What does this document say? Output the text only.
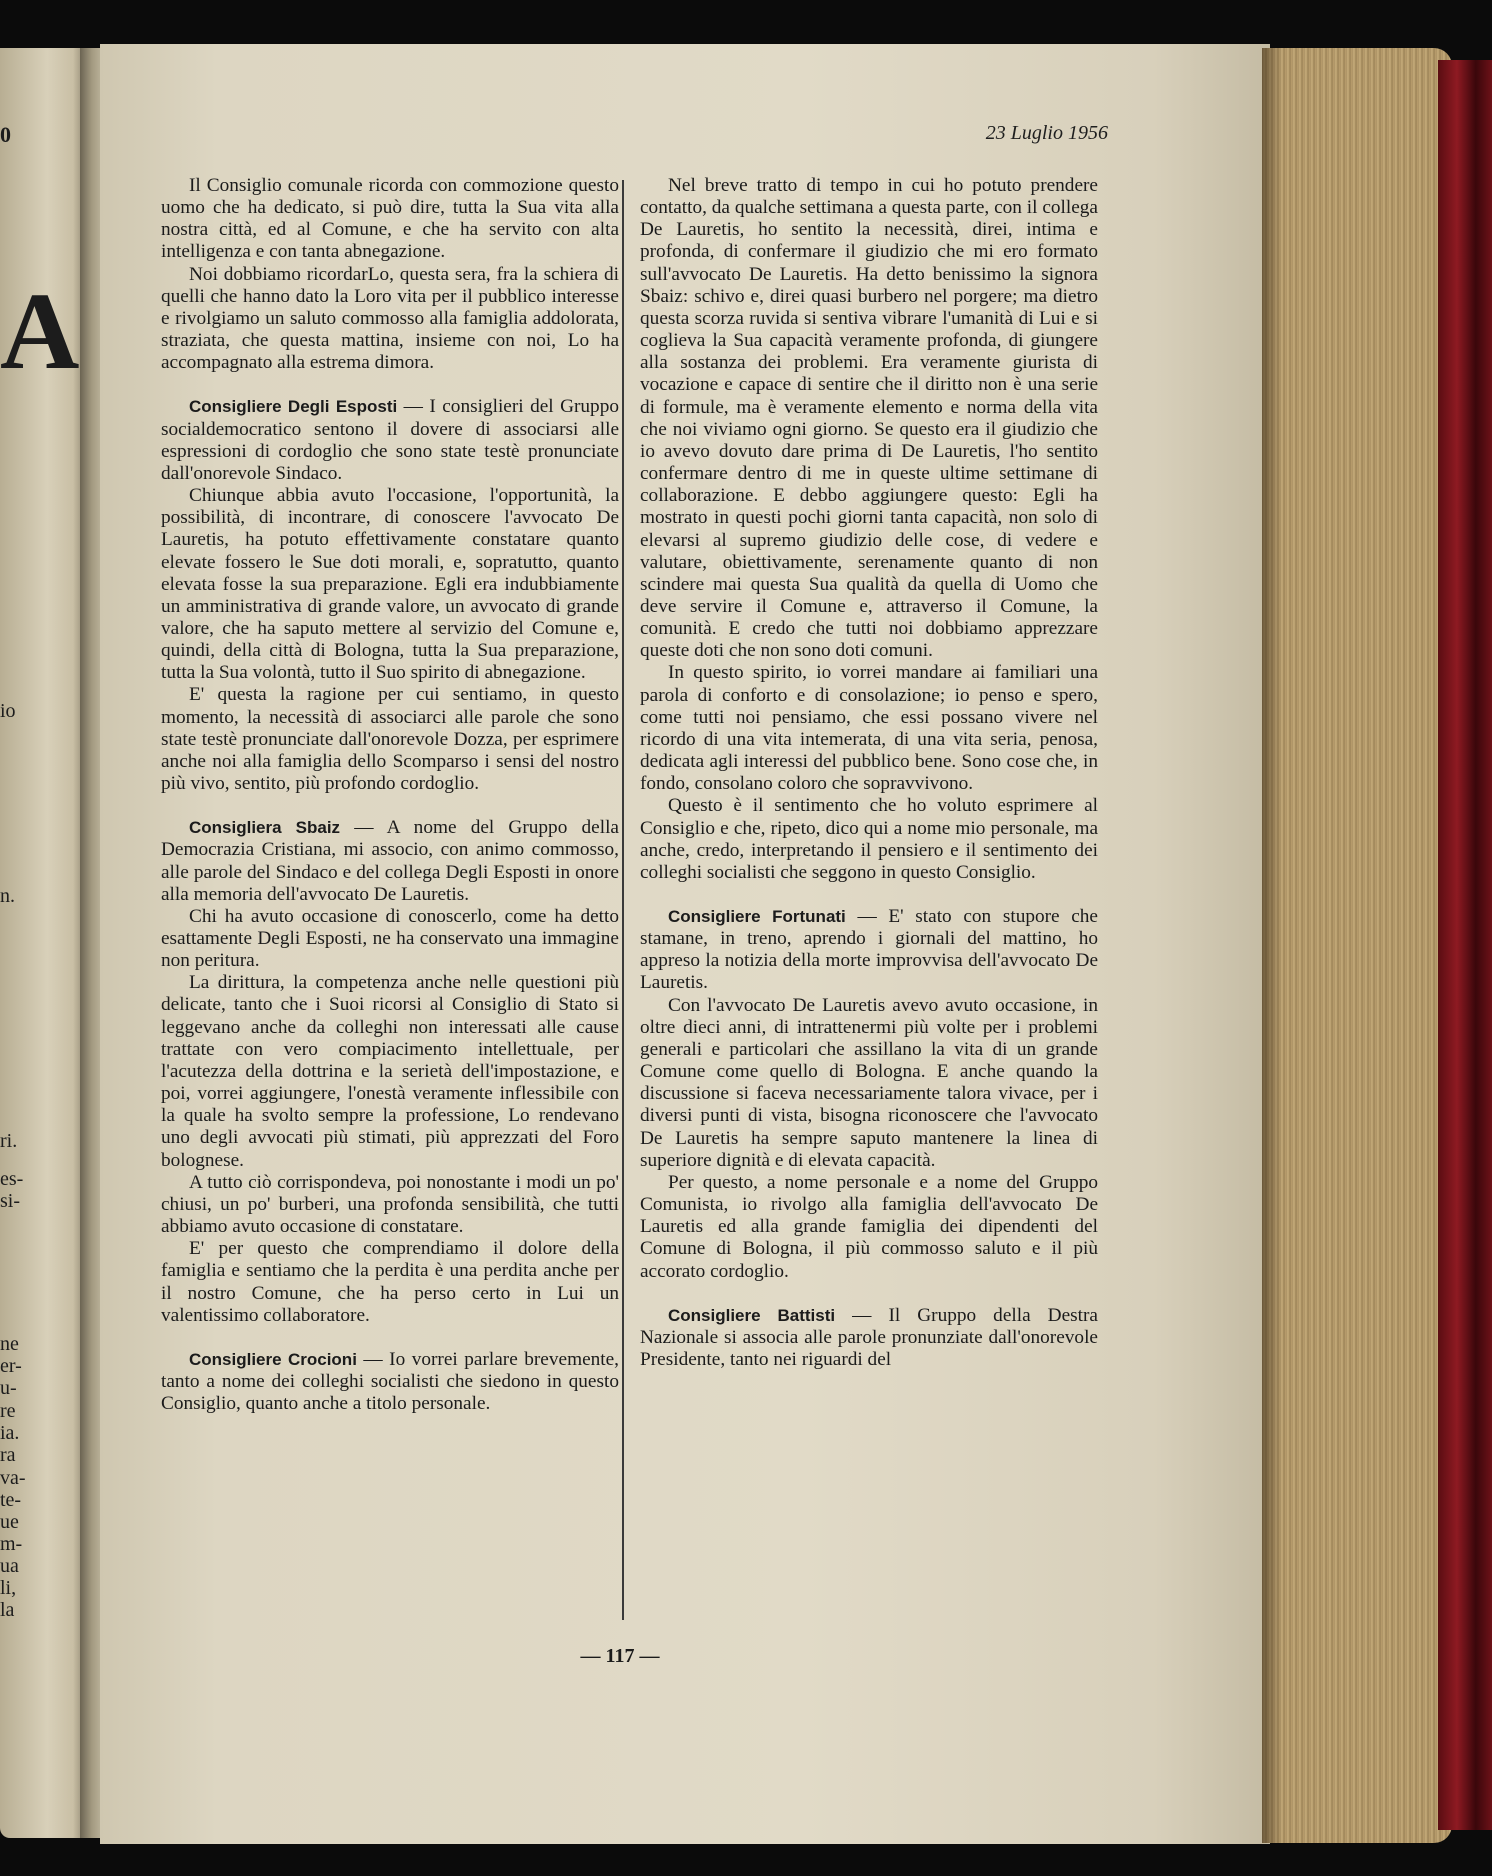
0
A
io
n.
ri.
es-
si-
ne
er-
u-
re
ia.
ra
va-
te-
ue
m-
ua
li,
la
23 Luglio 1956

Il Consiglio comunale ricorda con commozione questo uomo che ha dedicato, si può dire, tutta la Sua vita alla nostra città, ed al Comune, e che ha servito con alta intelligenza e con tanta abnegazione.

Noi dobbiamo ricordarLo, questa sera, fra la schiera di quelli che hanno dato la Loro vita per il pubblico interesse e rivolgiamo un saluto commosso alla famiglia addolorata, straziata, che questa mattina, insieme con noi, Lo ha accompagnato alla estrema dimora.

Consigliere Degli Esposti — I consiglieri del Gruppo socialdemocratico sentono il dovere di associarsi alle espressioni di cordoglio che sono state testè pronunciate dall'onorevole Sindaco.

Chiunque abbia avuto l'occasione, l'opportunità, la possibilità, di incontrare, di conoscere l'avvocato De Lauretis, ha potuto effettivamente constatare quanto elevate fossero le Sue doti morali, e, sopratutto, quanto elevata fosse la sua preparazione. Egli era indubbiamente un amministrativa di grande valore, un avvocato di grande valore, che ha saputo mettere al servizio del Comune e, quindi, della città di Bologna, tutta la Sua preparazione, tutta la Sua volontà, tutto il Suo spirito di abnegazione.

E' questa la ragione per cui sentiamo, in questo momento, la necessità di associarci alle parole che sono state testè pronunciate dall'onorevole Dozza, per esprimere anche noi alla famiglia dello Scomparso i sensi del nostro più vivo, sentito, più profondo cordoglio.

Consigliera Sbaiz — A nome del Gruppo della Democrazia Cristiana, mi associo, con animo commosso, alle parole del Sindaco e del collega Degli Esposti in onore alla memoria dell'avvocato De Lauretis.

Chi ha avuto occasione di conoscerlo, come ha detto esattamente Degli Esposti, ne ha conservato una immagine non peritura.

La dirittura, la competenza anche nelle questioni più delicate, tanto che i Suoi ricorsi al Consiglio di Stato si leggevano anche da colleghi non interessati alle cause trattate con vero compiacimento intellettuale, per l'acutezza della dottrina e la serietà dell'impostazione, e poi, vorrei aggiungere, l'onestà veramente inflessibile con la quale ha svolto sempre la professione, Lo rendevano uno degli avvocati più stimati, più apprezzati del Foro bolognese.

A tutto ciò corrispondeva, poi nonostante i modi un po' chiusi, un po' burberi, una profonda sensibilità, che tutti abbiamo avuto occasione di constatare.

E' per questo che comprendiamo il dolore della famiglia e sentiamo che la perdita è una perdita anche per il nostro Comune, che ha perso certo in Lui un valentissimo collaboratore.

Consigliere Crocioni — Io vorrei parlare brevemente, tanto a nome dei colleghi socialisti che siedono in questo Consiglio, quanto anche a titolo personale.

Nel breve tratto di tempo in cui ho potuto prendere contatto, da qualche settimana a questa parte, con il collega De Lauretis, ho sentito la necessità, direi, intima e profonda, di confermare il giudizio che mi ero formato sull'avvocato De Lauretis. Ha detto benissimo la signora Sbaiz: schivo e, direi quasi burbero nel porgere; ma dietro questa scorza ruvida si sentiva vibrare l'umanità di Lui e si coglieva la Sua capacità veramente profonda, di giungere alla sostanza dei problemi. Era veramente giurista di vocazione e capace di sentire che il diritto non è una serie di formule, ma è veramente elemento e norma della vita che noi viviamo ogni giorno. Se questo era il giudizio che io avevo dovuto dare prima di De Lauretis, l'ho sentito confermare dentro di me in queste ultime settimane di collaborazione. E debbo aggiungere questo: Egli ha mostrato in questi pochi giorni tanta capacità, non solo di elevarsi al supremo giudizio delle cose, di vedere e valutare, obiettivamente, serenamente quanto di non scindere mai questa Sua qualità da quella di Uomo che deve servire il Comune e, attraverso il Comune, la comunità. E credo che tutti noi dobbiamo apprezzare queste doti che non sono doti comuni.

In questo spirito, io vorrei mandare ai familiari una parola di conforto e di consolazione; io penso e spero, come tutti noi pensiamo, che essi possano vivere nel ricordo di una vita intemerata, di una vita seria, penosa, dedicata agli interessi del pubblico bene. Sono cose che, in fondo, consolano coloro che sopravvivono.

Questo è il sentimento che ho voluto esprimere al Consiglio e che, ripeto, dico qui a nome mio personale, ma anche, credo, interpretando il pensiero e il sentimento dei colleghi socialisti che seggono in questo Consiglio.

Consigliere Fortunati — E' stato con stupore che stamane, in treno, aprendo i giornali del mattino, ho appreso la notizia della morte improvvisa dell'avvocato De Lauretis.

Con l'avvocato De Lauretis avevo avuto occasione, in oltre dieci anni, di intrattenermi più volte per i problemi generali e particolari che assillano la vita di un grande Comune come quello di Bologna. E anche quando la discussione si faceva necessariamente talora vivace, per i diversi punti di vista, bisogna riconoscere che l'avvocato De Lauretis ha sempre saputo mantenere la linea di superiore dignità e di elevata capacità.

Per questo, a nome personale e a nome del Gruppo Comunista, io rivolgo alla famiglia dell'avvocato De Lauretis ed alla grande famiglia dei dipendenti del Comune di Bologna, il più commosso saluto e il più accorato cordoglio.

Consigliere Battisti — Il Gruppo della Destra Nazionale si associa alle parole pronunziate dall'onorevole Presidente, tanto nei riguardi del

— 117 —
